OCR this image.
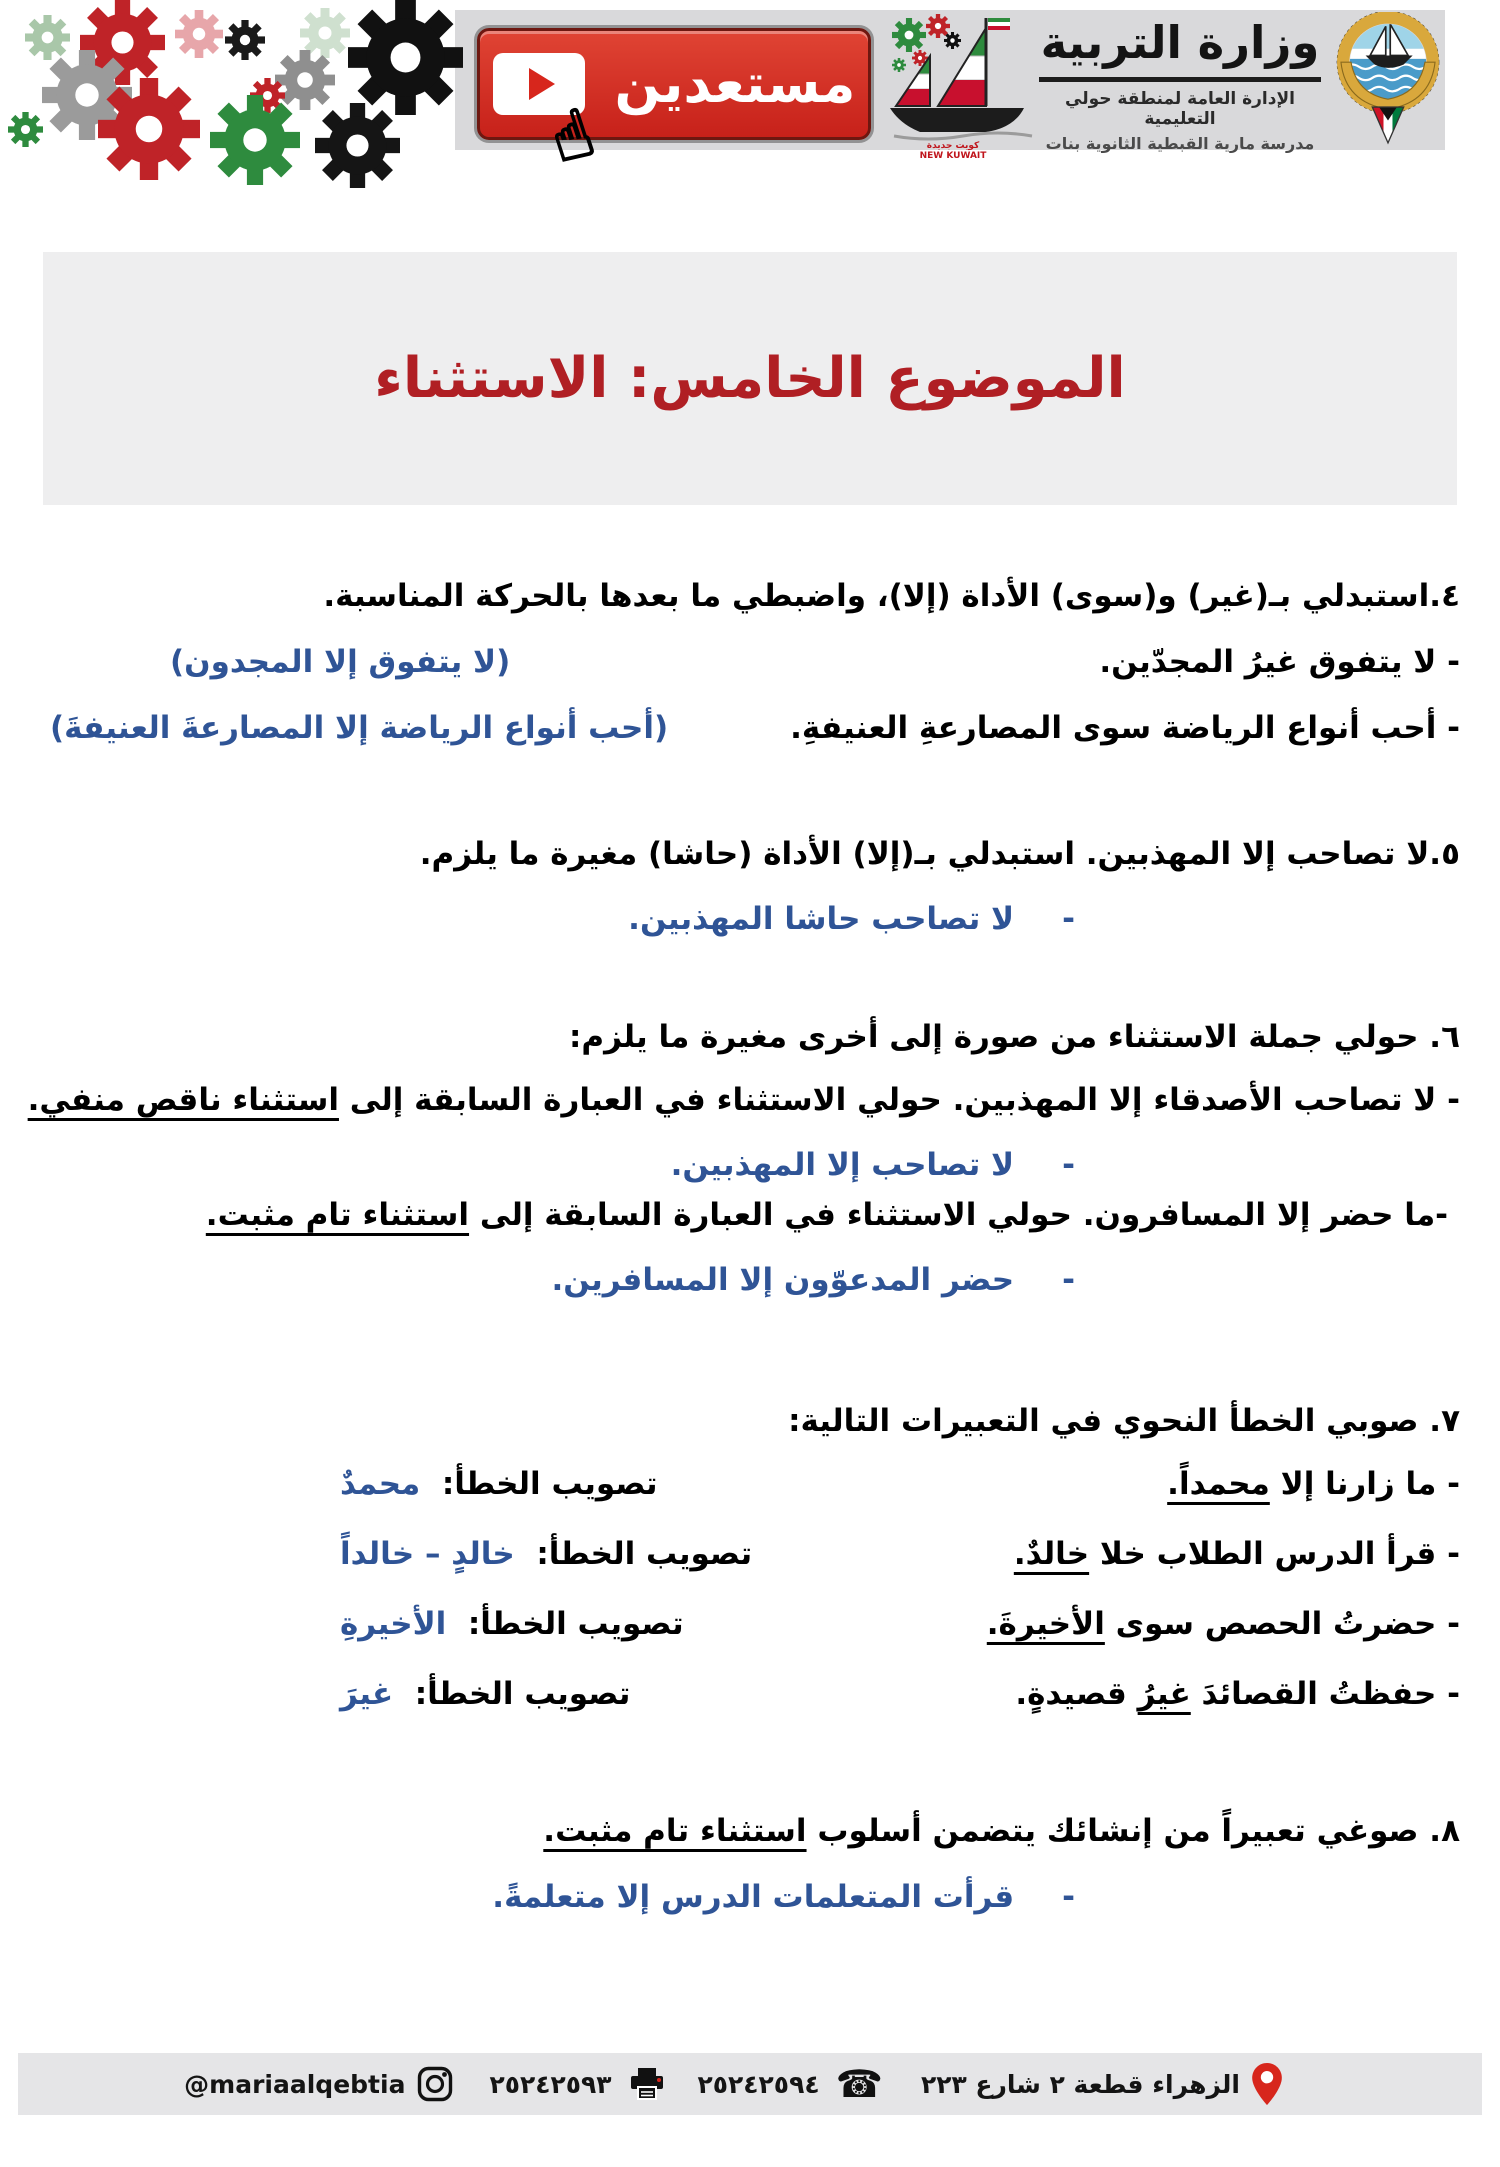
مستعدين
☝	كويت جديدة
NEW KUWAIT
وزارة التربية
الإدارة العامة لمنطقة حولي التعليمية
مدرسة مارية القبطية الثانوية بنات
الموضوع الخامس: الاستثناء
٤.استبدلي بـ(غير) و(سوى) الأداة (إلا)، واضبطي ما بعدها بالحركة المناسبة.
- لا يتفوق غيرُ المجدّين.
(لا يتفوق إلا المجدون)
- أحب أنواع الرياضة سوى المصارعةِ العنيفةِ.
(أحب أنواع الرياضة إلا المصارعةَ العنيفةَ)
٥.لا تصاحب إلا المهذبين. استبدلي بـ(إلا) الأداة (حاشا) مغيرة ما يلزم.
-
لا تصاحب حاشا المهذبين.
٦. حولي جملة الاستثناء من صورة إلى أخرى مغيرة ما يلزم:
- لا تصاحب الأصدقاء إلا المهذبين. حولي الاستثناء في العبارة السابقة إلى استثناء ناقص منفي.
-
لا تصاحب إلا المهذبين.
-ما حضر إلا المسافرون. حولي الاستثناء في العبارة السابقة إلى استثناء تام مثبت.
-
حضر المدعوّون إلا المسافرين.
٧. صوبي الخطأ النحوي في التعبيرات التالية:
- ما زارنا إلا محمداً.
تصويب الخطأ:  محمدٌ
- قرأ الدرس الطلاب خلا خالدٌ.
تصويب الخطأ:  خالدٍ – خالداً
- حضرتُ الحصص سوى الأخيرةَ.
تصويب الخطأ:  الأخيرةِ
- حفظتُ القصائدَ غيرُ قصيدةٍ.
تصويب الخطأ:  غيرَ
٨. صوغي تعبيراً من إنشائك يتضمن أسلوب استثناء تام مثبت.
-
قرأت المتعلمات الدرس إلا متعلمةً.
الزهراء قطعة ٢ شارع ٢٢٣
☎
٢٥٢٤٢٥٩٤
٢٥٢٤٢٥٩٣
@mariaalqebtia
